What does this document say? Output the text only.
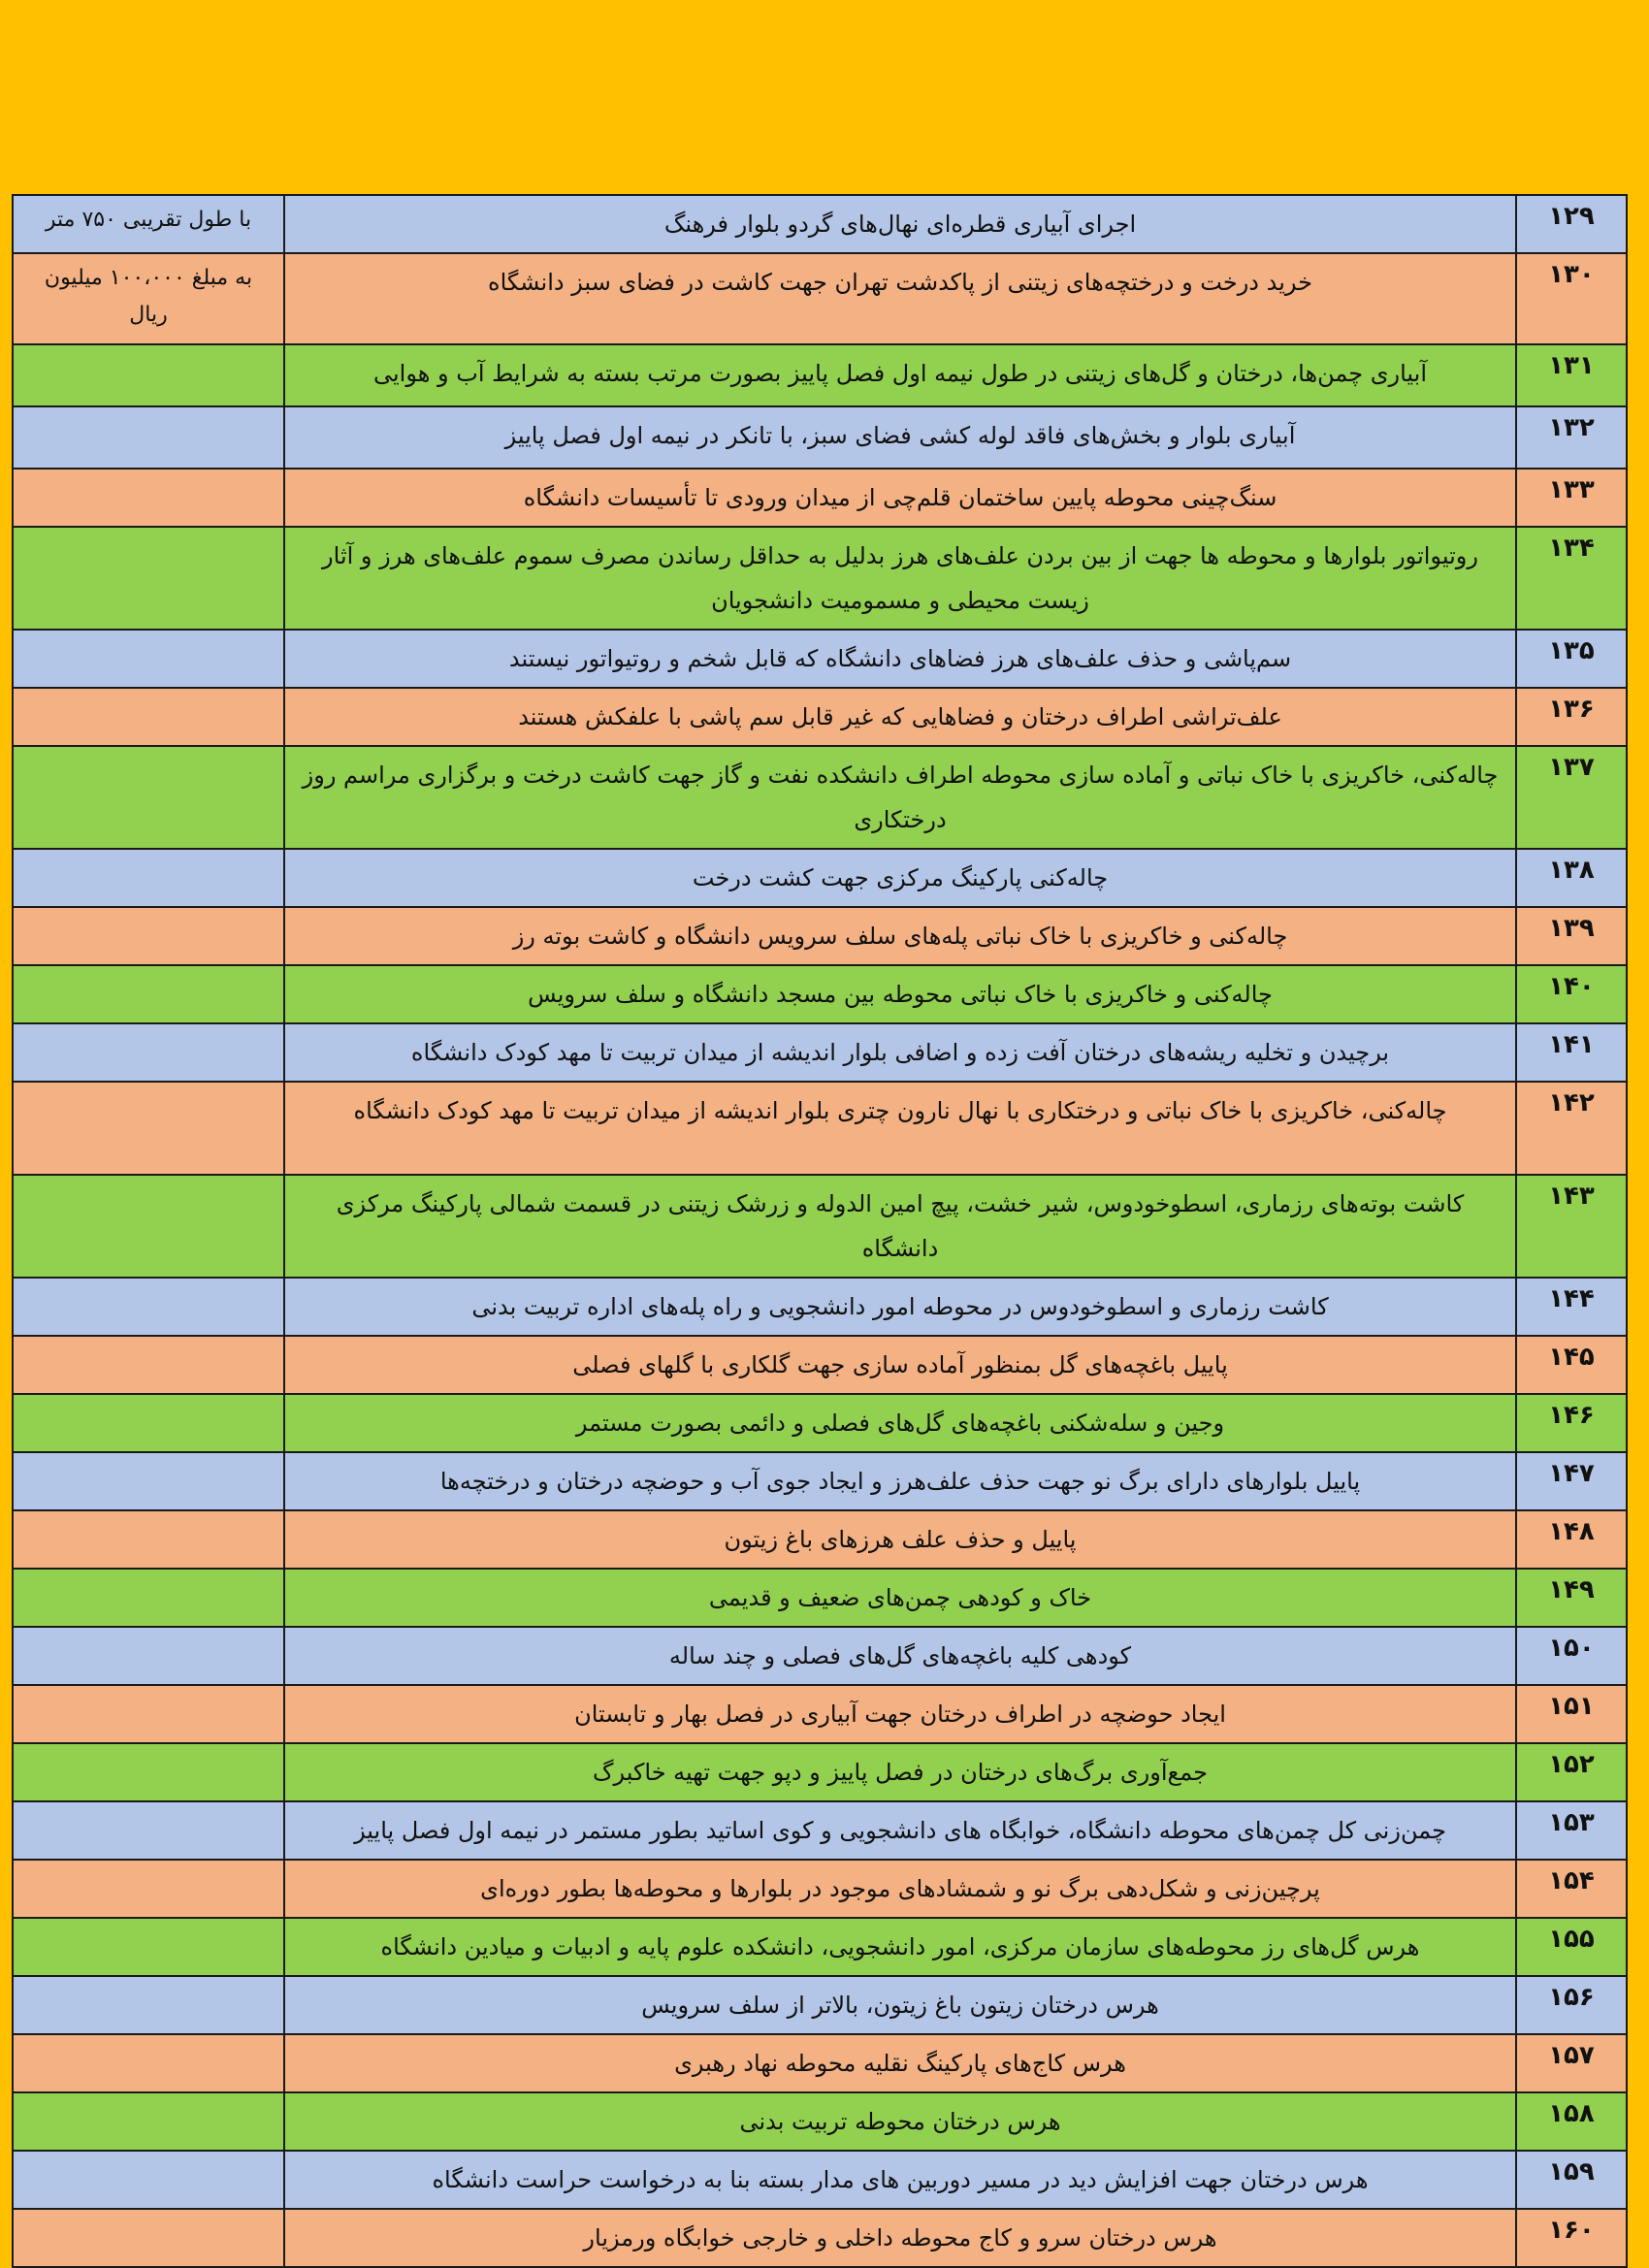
۱۲۹	اجرای آبیاری قطره‌ای نهال‌های گردو بلوار فرهنگ	با طول تقریبی ۷۵۰ متر
۱۳۰	خرید درخت و درختچه‌های زیتنی از پاکدشت تهران جهت کاشت در فضای سبز دانشگاه	به مبلغ ۱۰۰،۰۰۰ میلیون ریال
۱۳۱	آبیاری چمن‌ها، درختان و گل‌های زیتنی در طول نیمه اول فصل پاییز بصورت مرتب بسته به شرایط آب و هوایی	
۱۳۲	آبیاری بلوار و بخش‌های فاقد لوله کشی فضای سبز، با تانکر در نیمه اول فصل پاییز	
۱۳۳	سنگ‌چینی محوطه پایین ساختمان قلم‌چی از میدان ورودی تا تأسیسات دانشگاه	
۱۳۴	روتیواتور بلوارها و محوطه ها جهت از بین بردن علف‌های هرز بدلیل به حداقل رساندن مصرف سموم علف‌های هرز و آثار زیست محیطی و مسمومیت دانشجویان	
۱۳۵	سم‌پاشی و حذف علف‌های هرز فضاهای دانشگاه که قابل شخم و روتیواتور نیستند	
۱۳۶	علف‌تراشی اطراف درختان و فضاهایی که غیر قابل سم پاشی با علفکش هستند	
۱۳۷	چاله‌کنی، خاکریزی با خاک نباتی و آماده سازی محوطه اطراف دانشکده نفت و گاز جهت کاشت درخت و برگزاری مراسم روز درختکاری	
۱۳۸	چاله‌کنی پارکینگ مرکزی جهت کشت درخت	
۱۳۹	چاله‌کنی و خاکریزی با خاک نباتی پله‌های سلف سرویس دانشگاه و کاشت بوته رز	
۱۴۰	چاله‌کنی و خاکریزی با خاک نباتی محوطه بین مسجد دانشگاه و سلف سرویس	
۱۴۱	برچیدن و تخلیه ریشه‌های درختان آفت زده و اضافی بلوار اندیشه از میدان تربیت تا مهد کودک دانشگاه	
۱۴۲	چاله‌کنی، خاکریزی با خاک نباتی و درختکاری با نهال نارون چتری بلوار اندیشه از میدان تربیت تا مهد کودک دانشگاه	
۱۴۳	کاشت بوته‌های رزماری، اسطوخودوس، شیر خشت، پیچ امین الدوله و زرشک زیتنی در قسمت شمالی پارکینگ مرکزی دانشگاه	
۱۴۴	کاشت رزماری و اسطوخودوس در محوطه امور دانشجویی و راه پله‌های اداره تربیت بدنی	
۱۴۵	پاییل باغچه‌های گل بمنظور آماده سازی جهت گلکاری با گلهای فصلی	
۱۴۶	وجین و سله‌شکنی باغچه‌های گل‌های فصلی و دائمی بصورت مستمر	
۱۴۷	پاییل بلوارهای دارای برگ نو جهت حذف علف‌هرز و ایجاد جوی آب و حوضچه درختان و درختچه‌ها	
۱۴۸	پاییل و حذف علف هرزهای باغ زیتون	
۱۴۹	خاک و کودهی چمن‌های ضعیف و قدیمی	
۱۵۰	کودهی کلیه باغچه‌های گل‌های فصلی و چند ساله	
۱۵۱	ایجاد حوضچه در اطراف درختان جهت آبیاری در فصل بهار و تابستان	
۱۵۲	جمع‌آوری برگ‌های درختان در فصل پاییز و دپو جهت تهیه خاکبرگ	
۱۵۳	چمن‌زنی کل چمن‌های محوطه دانشگاه، خوابگاه های دانشجویی و کوی اساتید بطور مستمر در نیمه اول فصل پاییز	
۱۵۴	پرچین‌زنی و شکل‌دهی برگ نو و شمشادهای موجود در بلوارها و محوطه‌ها بطور دوره‌ای	
۱۵۵	هرس گل‌های رز محوطه‌های سازمان مرکزی، امور دانشجویی، دانشکده علوم پایه و ادبیات و میادین دانشگاه	
۱۵۶	هرس درختان زیتون باغ زیتون، بالاتر از سلف سرویس	
۱۵۷	هرس کاج‌های پارکینگ نقلیه محوطه نهاد رهبری	
۱۵۸	هرس درختان محوطه تربیت بدنی	
۱۵۹	هرس درختان جهت افزایش دید در مسیر دوربین های مدار بسته بنا به درخواست حراست دانشگاه	
۱۶۰	هرس درختان سرو و کاج محوطه داخلی و خارجی خوابگاه ورمزیار	
